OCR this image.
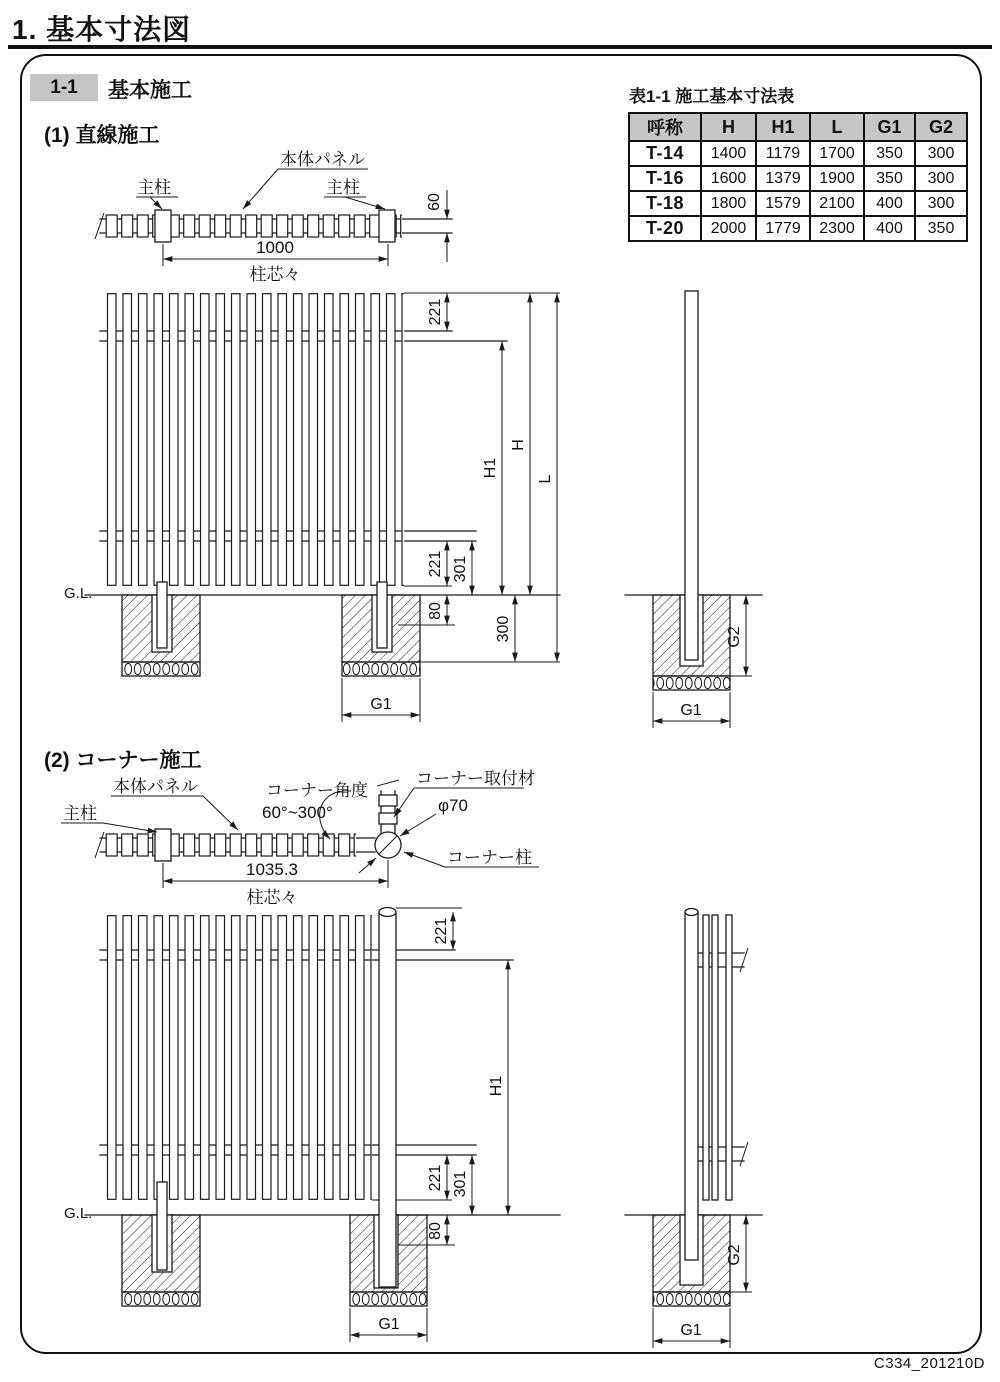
1. 基本寸法図
1-1	基本施工
(1) 直線施工
(2) コーナー施工
表1-1 施工基本寸法表
呼称	H	H1	L	G1	G2
T-14	1400	1179	1700	350	300
T-16	1600	1379	1900	350	300
T-18	1800	1579	2100	400	300
T-20	2000	1779	2300	400	350
本体パネル
主柱	主柱
60
1000
柱芯々
G.L.
221
H1
H
L
221 301
80
300
G1
G2
G1
本体パネル
主柱
コーナー角度
60°~300°
コーナー取付材
φ70
コーナー柱
1035.3
柱芯々
G.L.
221
H1
221 301
80
G1
G2
G1
C334_201210D
